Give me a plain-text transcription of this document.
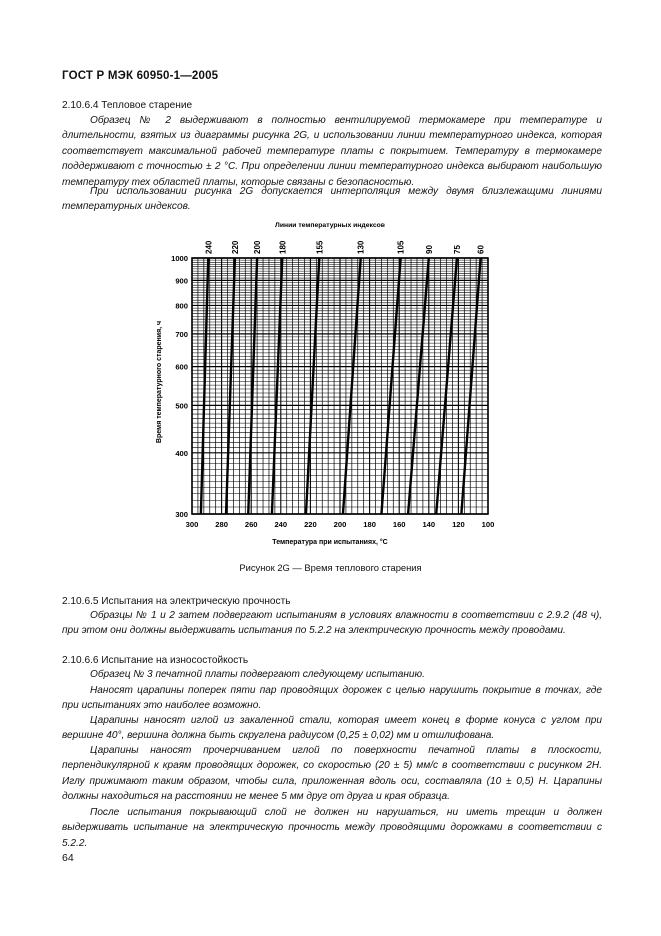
ГОСТ Р МЭК 60950-1—2005
2.10.6.4 Тепловое старение
Образец № 2 выдерживают в полностью вентилируемой термокамере при температуре и длительности, взятых из диаграммы рисунка 2G, и использовании линии температурного индекса, которая соответствует максимальной рабочей температуре платы с покрытием. Температуру в термокамере поддерживают с точностью ± 2 °С. При определении линии температурного индекса выбирают наибольшую температуру тех областей платы, которые связаны с безопасностью.
При использовании рисунка 2G допускается интерполяция между двумя близлежащими линиями температурных индексов.
300 280 260 240 220 200 180 160 140 120 100
300
400
500
600
700
800
900
1000
240 220 200 180	155	130	105 90 75 60
Линии температурных индексов
Температура при испытаниях, °С
Время температурного старения, ч
Рисунок 2G — Время теплового старения
2.10.6.5 Испытания на электрическую прочность
Образцы № 1 и 2 затем подвергают испытаниям в условиях влажности в соответствии с 2.9.2 (48 ч), при этом они должны выдерживать испытания по 5.2.2 на электрическую прочность между проводами.
2.10.6.6 Испытание на износостойкость
Образец № 3 печатной платы подвергают следующему испытанию.
Наносят царапины поперек пяти пар проводящих дорожек с целью нарушить покрытие в точках, где при испытаниях это наиболее возможно.
Царапины наносят иглой из закаленной стали, которая имеет конец в форме конуса с углом при вершине 40°, вершина должна быть скруглена радиусом (0,25 ± 0,02) мм и отшлифована.
Царапины наносят прочерчиванием иглой по поверхности печатной платы в плоскости, перпендикулярной к краям проводящих дорожек, со скоростью (20 ± 5) мм/с в соответствии с рисунком 2Н. Иглу прижимают таким образом, чтобы сила, приложенная вдоль оси, составляла (10 ± 0,5) Н. Царапины должны находиться на расстоянии не менее 5 мм друг от друга и края образца.
После испытания покрывающий слой не должен ни нарушаться, ни иметь трещин и должен выдерживать испытание на электрическую прочность между проводящими дорожками в соответствии с 5.2.2.
64
